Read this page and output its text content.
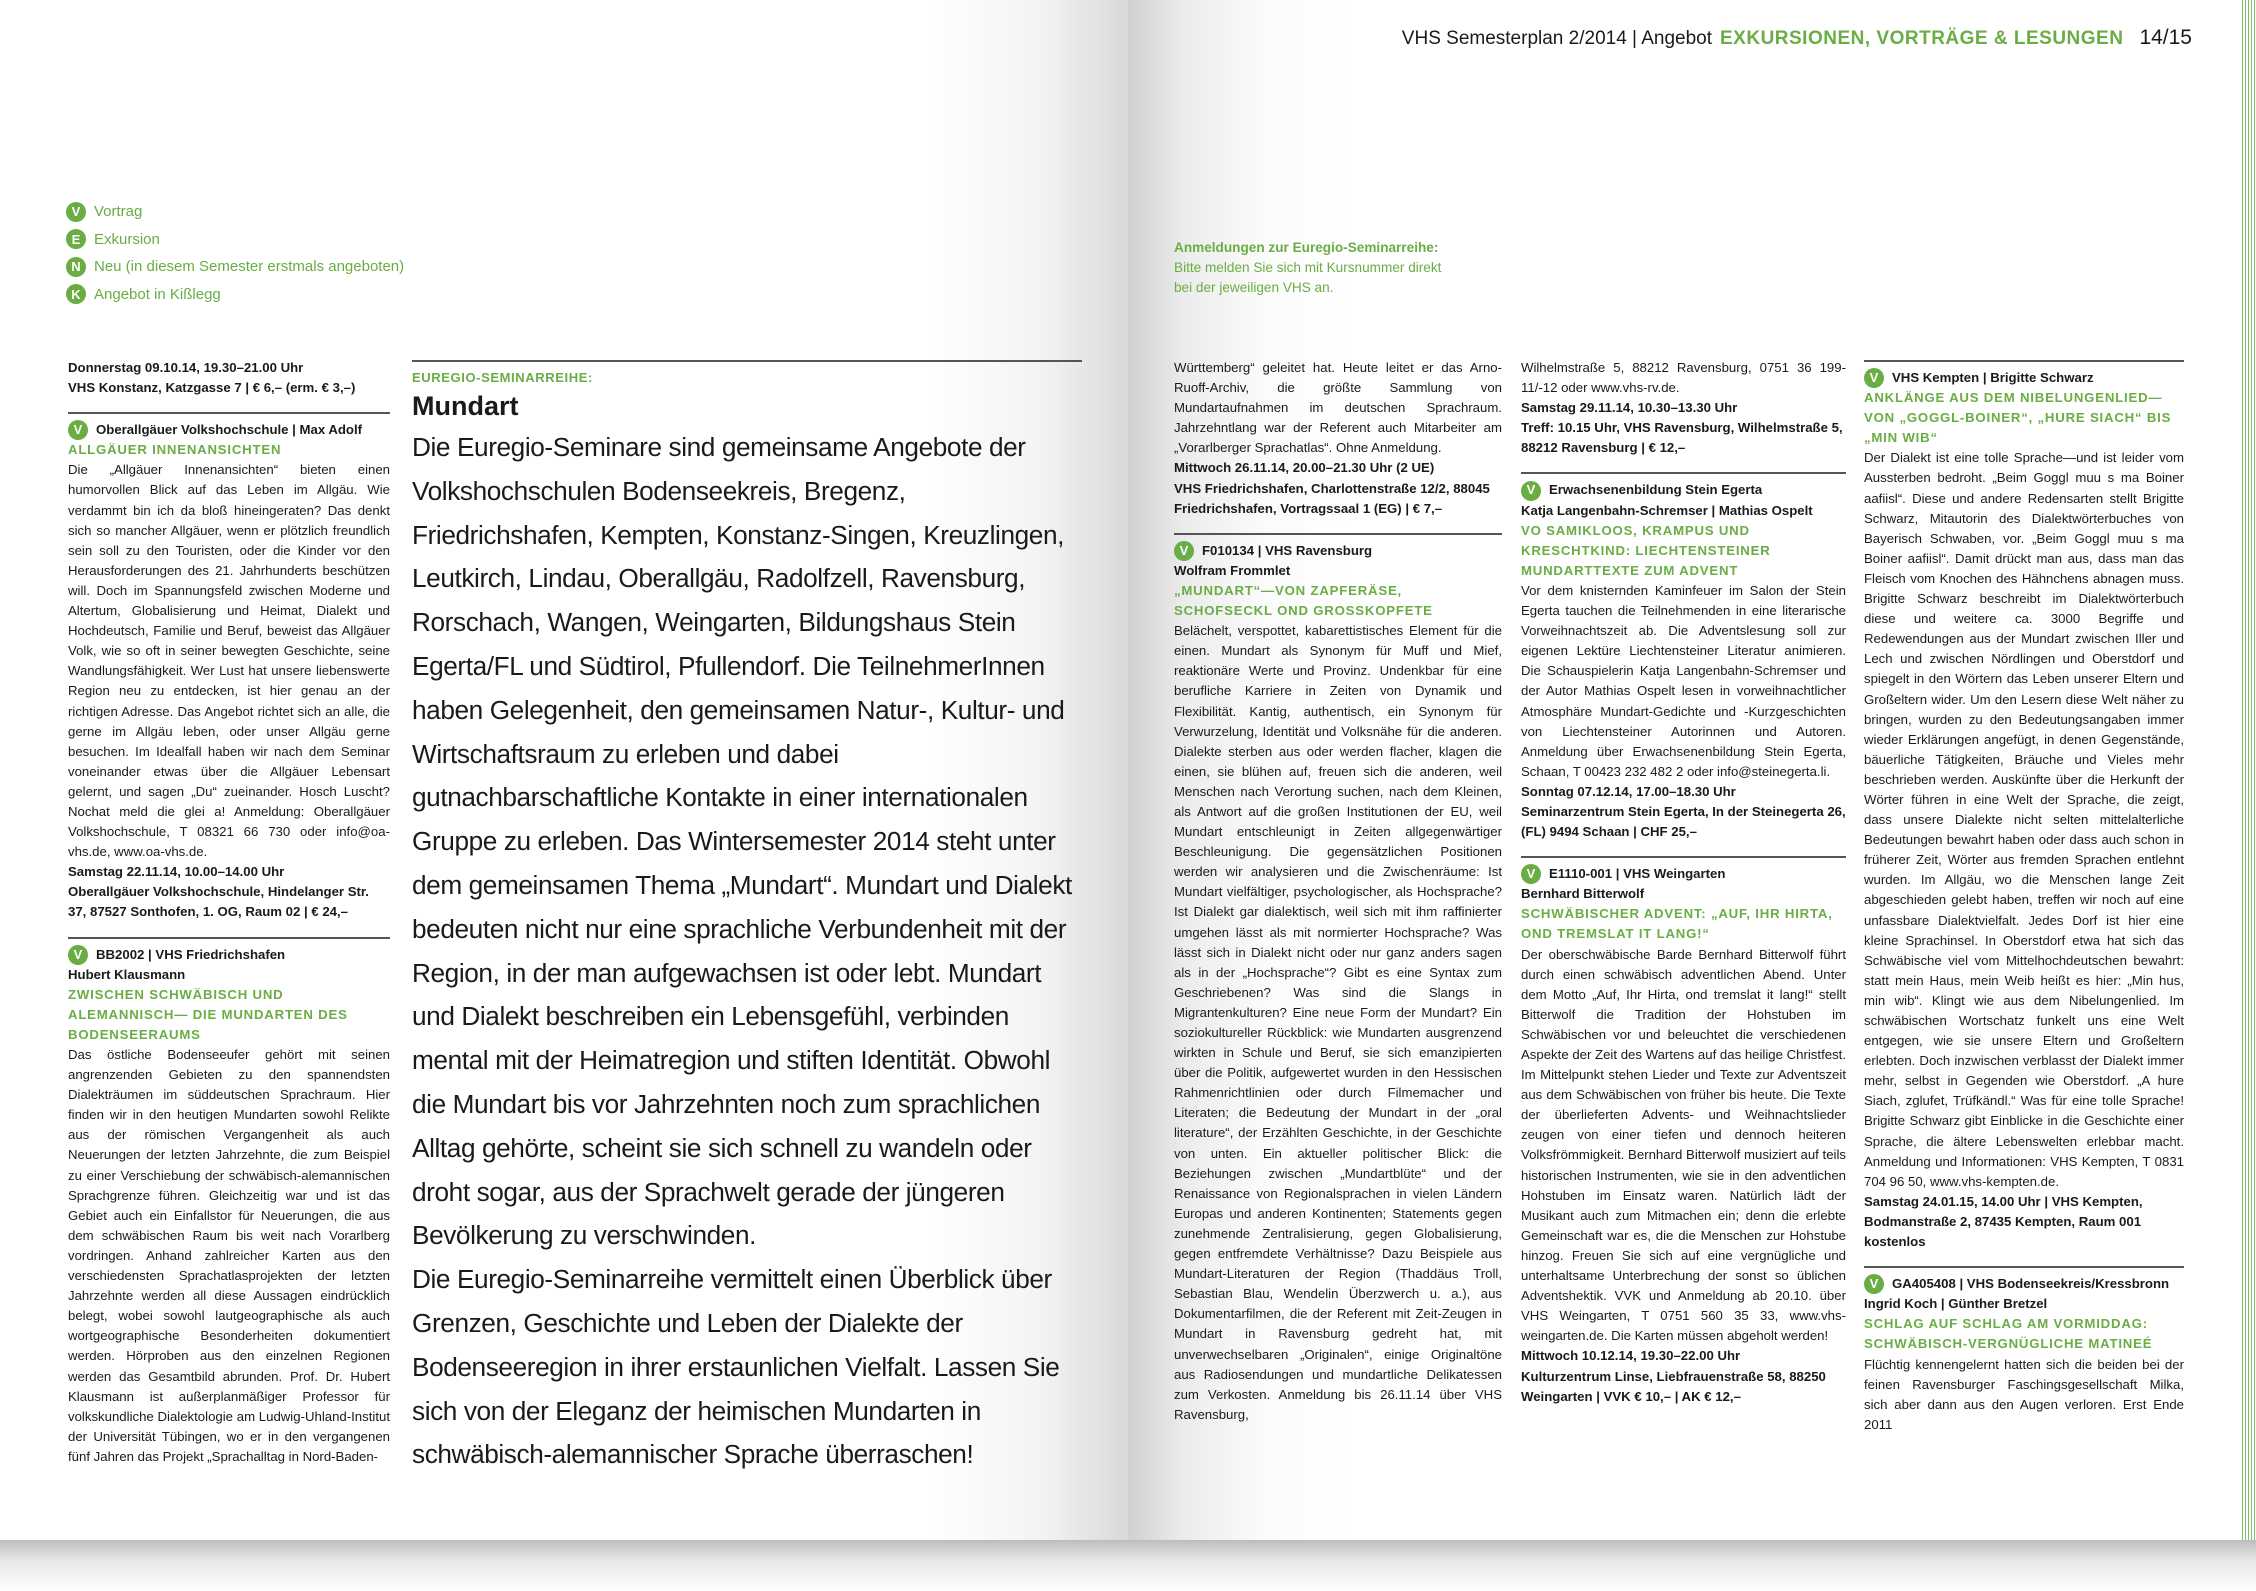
VHS Semesterplan 2/2014 | Angebot EXKURSIONEN, VORTRÄGE & LESUNGEN 14/15
V Vortrag
E Exkursion
N Neu (in diesem Semester erstmals angeboten)
K Angebot in Kißlegg
Donnerstag 09.10.14, 19.30–21.00 Uhr
VHS Konstanz, Katzgasse 7 | € 6,– (erm. € 3,–)
V	Oberallgäuer Volkshochschule | Max Adolf
ALLGÄUER INNENANSICHTEN

Die „Allgäuer Innenansichten“ bieten einen humorvollen Blick auf das Leben im Allgäu. Wie verdammt bin ich da bloß hineingeraten? Das denkt sich so mancher Allgäuer, wenn er plötzlich freundlich sein soll zu den Touristen, oder die Kinder vor den Herausforderungen des 21. Jahrhunderts beschützen will. Doch im Spannungsfeld zwischen Moderne und Altertum, Globalisierung und Heimat, Dialekt und Hochdeutsch, Familie und Beruf, beweist das Allgäuer Volk, wie so oft in seiner bewegten Geschichte, seine Wandlungsfähigkeit. Wer Lust hat unsere liebenswerte Region neu zu entdecken, ist hier genau an der richtigen Adresse. Das Angebot richtet sich an alle, die gerne im Allgäu leben, oder unser Allgäu gerne besuchen. Im Idealfall haben wir nach dem Seminar voneinander etwas über die Allgäuer Lebensart gelernt, und sagen „Du“ zueinander. Hosch Luscht? Nochat meld die glei a! Anmeldung: Oberallgäuer Volkshochschule, T 08321 66 730 oder info@oa-vhs.de, www.oa-vhs.de.

Samstag 22.11.14, 10.00–14.00 Uhr
Oberallgäuer Volkshochschule, Hindelanger Str. 37, 87527 Sonthofen, 1. OG, Raum 02 | € 24,–
V	BB2002 | VHS Friedrichshafen
Hubert Klausmann
ZWISCHEN SCHWÄBISCH UND ALEMANNISCH— DIE MUNDARTEN DES BODENSEERAUMS

Das östliche Bodenseeufer gehört mit seinen angrenzenden Gebieten zu den spannendsten Dialekträumen im süddeutschen Sprachraum. Hier finden wir in den heutigen Mundarten sowohl Relikte aus der römischen Vergangenheit als auch Neuerungen der letzten Jahrzehnte, die zum Beispiel zu einer Verschiebung der schwäbisch-alemannischen Sprachgrenze führen. Gleichzeitig war und ist das Gebiet auch ein Einfallstor für Neuerungen, die aus dem schwäbischen Raum bis weit nach Vorarlberg vordringen. Anhand zahlreicher Karten aus den verschiedensten Sprachatlasprojekten der letzten Jahrzehnte werden all diese Aussagen eindrücklich belegt, wobei sowohl lautgeographische als auch wortgeographische Besonderheiten dokumentiert werden. Hörproben aus den einzelnen Regionen werden das Gesamtbild abrunden. Prof. Dr. Hubert Klausmann ist außerplanmäßiger Professor für volkskundliche Dialektologie am Ludwig-Uhland-Institut der Universität Tübingen, wo er in den vergangenen fünf Jahren das Projekt „Sprachalltag in Nord-Baden-

EUREGIO-SEMINARREIHE:
Mundart

Die Euregio-Seminare sind gemeinsame Angebote der Volkshochschulen Bodenseekreis, Bregenz, Friedrichshafen, Kempten, Konstanz-Singen, Kreuzlingen, Leutkirch, Lindau, Oberallgäu, Radolfzell, Ravensburg, Rorschach, Wangen, Weingarten, Bildungshaus Stein Egerta/FL und Südtirol, Pfullendorf. Die TeilnehmerInnen haben Gelegenheit, den gemeinsamen Natur-, Kultur- und Wirtschaftsraum zu erleben und dabei gutnachbarschaftliche Kontakte in einer internationalen Gruppe zu erleben. Das Wintersemester 2014 steht unter dem gemeinsamen Thema „Mundart“. Mundart und Dialekt bedeuten nicht nur eine sprachliche Verbundenheit mit der Region, in der man aufgewachsen ist oder lebt. Mundart und Dialekt beschreiben ein Lebensgefühl, verbinden mental mit der Heimatregion und stiften Identität. Obwohl die Mundart bis vor Jahrzehnten noch zum sprachlichen Alltag gehörte, scheint sie sich schnell zu wandeln oder droht sogar, aus der Sprachwelt gerade der jüngeren Bevölkerung zu verschwinden.

Die Euregio-Seminarreihe vermittelt einen Überblick über Grenzen, Geschichte und Leben der Dialekte der Bodenseeregion in ihrer erstaunlichen Vielfalt. Lassen Sie sich von der Eleganz der heimischen Mundarten in schwäbisch-alemannischer Sprache überraschen!

Anmeldungen zur Euregio-Seminarreihe:
Bitte melden Sie sich mit Kursnummer direkt
bei der jeweiligen VHS an.

Württemberg“ geleitet hat. Heute leitet er das Arno-Ruoff-Archiv, die größte Sammlung von Mundartaufnahmen im deutschen Sprachraum. Jahrzehntlang war der Referent auch Mitarbeiter am „Vorarlberger Sprachatlas“. Ohne Anmeldung.

Mittwoch 26.11.14, 20.00–21.30 Uhr (2 UE)
VHS Friedrichshafen, Charlottenstraße 12/2, 88045 Friedrichshafen, Vortragssaal 1 (EG) | € 7,–
V	F010134 | VHS Ravensburg
Wolfram Frommlet
„MUNDART“—VON ZAPFERÄSE, SCHOFSECKL OND GROSSKOPFETE

Belächelt, verspottet, kabarettistisches Element für die einen. Mundart als Synonym für Muff und Mief, reaktionäre Werte und Provinz. Undenkbar für eine berufliche Karriere in Zeiten von Dynamik und Flexibilität. Kantig, authentisch, ein Synonym für Verwurzelung, Identität und Volksnähe für die anderen. Dialekte sterben aus oder werden flacher, klagen die einen, sie blühen auf, freuen sich die anderen, weil Menschen nach Verortung suchen, nach dem Kleinen, als Antwort auf die großen Institutionen der EU, weil Mundart entschleunigt in Zeiten allgegenwärtiger Beschleunigung. Die gegensätzlichen Positionen werden wir analysieren und die Zwischenräume: Ist Mundart vielfältiger, psychologischer, als Hochsprache? Ist Dialekt gar dialektisch, weil sich mit ihm raffinierter umgehen lässt als mit normierter Hochsprache? Was lässt sich in Dialekt nicht oder nur ganz anders sagen als in der „Hochsprache“? Gibt es eine Syntax zum Geschriebenen? Was sind die Slangs in Migrantenkulturen? Eine neue Form der Mundart? Ein soziokultureller Rückblick: wie Mundarten ausgrenzend wirkten in Schule und Beruf, sie sich emanzipierten über die Politik, aufgewertet wurden in den Hessischen Rahmenrichtlinien oder durch Filmemacher und Literaten; die Bedeutung der Mundart in der „oral literature“, der Erzählten Geschichte, in der Geschichte von unten. Ein aktueller politischer Blick: die Beziehungen zwischen „Mundartblüte“ und der Renaissance von Regionalsprachen in vielen Ländern Europas und anderen Kontinenten; Statements gegen zunehmende Zentralisierung, gegen Globalisierung, gegen entfremdete Verhältnisse? Dazu Beispiele aus Mundart-Literaturen der Region (Thaddäus Troll, Sebastian Blau, Wendelin Überzwerch u. a.), aus Dokumentarfilmen, die der Referent mit Zeit-Zeugen in Mundart in Ravensburg gedreht hat, mit unverwechselbaren „Originalen“, einige Originaltöne aus Radiosendungen und mundartliche Delikatessen zum Verkosten. Anmeldung bis 26.11.14 über VHS Ravensburg,

Wilhelmstraße 5, 88212 Ravensburg, 0751 36 199-11/-12 oder www.vhs-rv.de.

Samstag 29.11.14, 10.30–13.30 Uhr
Treff: 10.15 Uhr, VHS Ravensburg, Wilhelmstraße 5, 88212 Ravensburg | € 12,–
V	Erwachsenenbildung Stein Egerta
Katja Langenbahn-Schremser | Mathias Ospelt
VO SAMIKLOOS, KRAMPUS UND KRESCHTKIND: LIECHTENSTEINER MUNDARTTEXTE ZUM ADVENT

Vor dem knisternden Kaminfeuer im Salon der Stein Egerta tauchen die Teilnehmenden in eine literarische Vorweihnachtszeit ab. Die Adventslesung soll zur eigenen Lektüre Liechtensteiner Literatur animieren. Die Schauspielerin Katja Langenbahn-Schremser und der Autor Mathias Ospelt lesen in vorweihnachtlicher Atmosphäre Mundart-Gedichte und -Kurzgeschichten von Liechtensteiner Autorinnen und Autoren. Anmeldung über Erwachsenenbildung Stein Egerta, Schaan, T 00423 232 482 2 oder info@steinegerta.li.

Sonntag 07.12.14, 17.00–18.30 Uhr
Seminarzentrum Stein Egerta, In der Steinegerta 26, (FL) 9494 Schaan | CHF 25,–
V	E1110-001 | VHS Weingarten
Bernhard Bitterwolf
SCHWÄBISCHER ADVENT: „AUF, IHR HIRTA, OND TREMSLAT IT LANG!“

Der oberschwäbische Barde Bernhard Bitterwolf führt durch einen schwäbisch adventlichen Abend. Unter dem Motto „Auf, Ihr Hirta, ond tremslat it lang!“ stellt Bitterwolf die Tradition der Hohstuben im Schwäbischen vor und beleuchtet die verschiedenen Aspekte der Zeit des Wartens auf das heilige Christfest. Im Mittelpunkt stehen Lieder und Texte zur Adventszeit aus dem Schwäbischen von früher bis heute. Die Texte der überlieferten Advents- und Weihnachtslieder zeugen von einer tiefen und dennoch heiteren Volksfrömmigkeit. Bernhard Bitterwolf musiziert auf teils historischen Instrumenten, wie sie in den adventlichen Hohstuben im Einsatz waren. Natürlich lädt der Musikant auch zum Mitmachen ein; denn die erlebte Gemeinschaft war es, die die Menschen zur Hohstube hinzog. Freuen Sie sich auf eine vergnügliche und unterhaltsame Unterbrechung der sonst so üblichen Adventshektik. VVK und Anmeldung ab 20.10. über VHS Weingarten, T 0751 560 35 33, www.vhs-weingarten.de. Die Karten müssen abgeholt werden!

Mittwoch 10.12.14, 19.30–22.00 Uhr
Kulturzentrum Linse, Liebfrauenstraße 58, 88250 Weingarten | VVK € 10,– | AK € 12,–
V	VHS Kempten | Brigitte Schwarz
ANKLÄNGE AUS DEM NIBELUNGENLIED— VON „GOGGL-BOINER“, „HURE SIACH“ BIS „MIN WIB“

Der Dialekt ist eine tolle Sprache—und ist leider vom Aussterben bedroht. „Beim Goggl muu s ma Boiner aafiisl“. Diese und andere Redensarten stellt Brigitte Schwarz, Mitautorin des Dialektwörterbuches von Bayerisch Schwaben, vor. „Beim Goggl muu s ma Boiner aafiisl“. Damit drückt man aus, dass man das Fleisch vom Knochen des Hähnchens abnagen muss. Brigitte Schwarz beschreibt im Dialektwörterbuch diese und weitere ca. 3000 Begriffe und Redewendungen aus der Mundart zwischen Iller und Lech und zwischen Nördlingen und Oberstdorf und spiegelt in den Wörtern das Leben unserer Eltern und Großeltern wider. Um den Lesern diese Welt näher zu bringen, wurden zu den Bedeutungsangaben immer wieder Erklärungen angefügt, in denen Gegenstände, bäuerliche Tätigkeiten, Bräuche und Vieles mehr beschrieben werden. Auskünfte über die Herkunft der Wörter führen in eine Welt der Sprache, die zeigt, dass unsere Dialekte nicht selten mittelalterliche Bedeutungen bewahrt haben oder dass auch schon in früherer Zeit, Wörter aus fremden Sprachen entlehnt wurden. Im Allgäu, wo die Menschen lange Zeit abgeschieden gelebt haben, treffen wir noch auf eine unfassbare Dialektvielfalt. Jedes Dorf ist hier eine kleine Sprachinsel. In Oberstdorf etwa hat sich das Schwäbische viel vom Mittelhochdeutschen bewahrt: statt mein Haus, mein Weib heißt es hier: „Min hus, min wib“. Klingt wie aus dem Nibelungenlied. Im schwäbischen Wortschatz funkelt uns eine Welt entgegen, wie sie unsere Eltern und Großeltern erlebten. Doch inzwischen verblasst der Dialekt immer mehr, selbst in Gegenden wie Oberstdorf. „A hure Siach, zglufet, Trüfkändl.“ Was für eine tolle Sprache! Brigitte Schwarz gibt Einblicke in die Geschichte einer Sprache, die ältere Lebenswelten erlebbar macht. Anmeldung und Informationen: VHS Kempten, T 0831 704 96 50, www.vhs-kempten.de.

Samstag 24.01.15, 14.00 Uhr | VHS Kempten, Bodmanstraße 2, 87435 Kempten, Raum 001
kostenlos
V	GA405408 | VHS Bodenseekreis/Kressbronn
Ingrid Koch | Günther Bretzel
SCHLAG AUF SCHLAG AM VORMIDDAG: SCHWÄBISCH-VERGNÜGLICHE MATINEÉ

Flüchtig kennengelernt hatten sich die beiden bei der feinen Ravensburger Faschingsgesellschaft Milka, sich aber dann aus den Augen verloren. Erst Ende 2011
